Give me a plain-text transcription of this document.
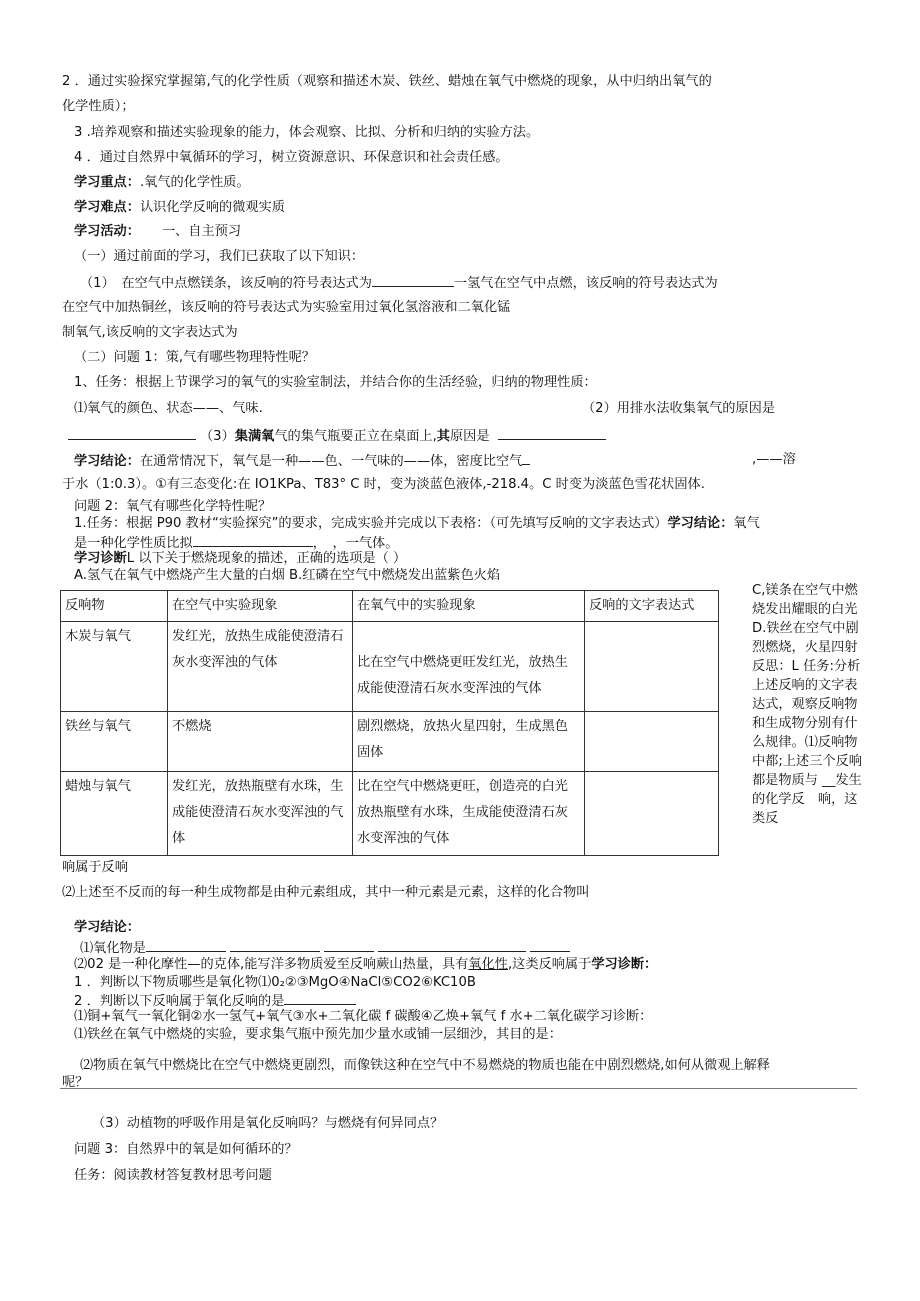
2 ．通过实验探究掌握第,气的化学性质（观察和描述木炭、铁丝、蜡烛在氧气中燃烧的现象，从中归纳出氧气的
化学性质）；
3 .培养观察和描述实验现象的能力，体会观察、比拟、分析和归纳的实验方法。
4 ．通过自然界中氧循环的学习，树立资源意识、环保意识和社会责任感。
学习重点：.氧气的化学性质。
学习难点：认识化学反响的微观实质
学习活动： 一、自主预习
（一）通过前面的学习，我们已获取了以下知识：
（1）　在空气中点燃镁条，该反响的符号表达式为	一氢气在空气中点燃，该反响的符号表达式为
在空气中加热铜丝，该反响的符号表达式为实验室用过氧化氢溶液和二氧化锰
制氧气,该反响的文字表达式为
（二）问题 1：策,气有哪些物理特性呢？
1、任务：根据上节课学习的氧气的实验室制法，并结合你的生活经验，归纳的物理性质：
⑴氧气的颜色、状态——、气味.	（2）用排水法收集氧气的原因是
（3）集满氧气的集气瓶要正立在桌面上,其原因是
学习结论：在通常情况下，氧气是一种——色、一气味的——体，密度比空气	,——溶
于水（1:0.3）。①有三态变化:在 IO1KPa、T83° C 时，变为淡蓝色液体,-218.4。C 时变为淡蓝色雪花状固体.
问题 2：氧气有哪些化学特性呢？
1.任务：根据 P90 教材“实验探究”的要求，完成实验并完成以下表格：（可先填写反响的文字表达式）学习结论：氧气
是一种化学性质比拟	，　，一气体。
学习诊断L 以下关于燃烧现象的描述，正确的选项是（ ）
A.氢气在氧气中燃烧产生大量的白烟 B.红磷在空气中燃烧发出蓝紫色火焰
反响物	在空气中实验现象	在氧气中的实验现象	反响的文字表达式
木炭与氧气	发红光，放热生成能使澄清石灰水变浑浊的气体	比在空气中燃烧更旺发红光，放热生成能使澄清石灰水变浑浊的气体	
铁丝与氧气	不燃烧	剧烈燃烧，放热火星四射，生成黑色固体	
蜡烛与氧气	发红光，放热瓶壁有水珠，生成能使澄清石灰水变浑浊的气体	比在空气中燃烧更旺，创造亮的白光放热瓶壁有水珠，生成能使澄清石灰水变浑浊的气体	
C,镁条在空气中燃烧发出耀眼的白光 D.铁丝在空气中剧烈燃烧，火星四射　反思：L 任务:分析上述反响的文字表达式，观察反响物和生成物分别有什么规律。⑴反响物中都;上述三个反响都是物质与 __发生的化学反　响，这类反
响属于反响
⑵上述至不反而的每一种生成物都是由种元素组成，其中一种元素是元素，这样的化合物叫
学习结论：
⑴氧化物是
⑵02 是一种化摩性—的克体,能写洋多物质爱至反响蕨山热量，具有氧化性,这类反响属于学习诊断：
1 ．判断以下物质哪些是氧化物⑴0₂②③MgO④NaCl⑤CO2⑥KC10B
2 ．判断以下反响属于氧化反响的是
⑴铜+氧气一氧化铜②水一氢气+氧气③水+二氧化碳 f 碳酸④乙焕+氧气 f 水+二氧化碳学习诊断：
⑴铁丝在氧气中燃烧的实验，要求集气瓶中预先加少量水或铺一层细沙，其目的是：
⑵物质在氧气中燃烧比在空气中燃烧更剧烈，而像铁这种在空气中不易燃烧的物质也能在中剧烈燃烧,如何从微观上解释
呢？
（3）动植物的呼吸作用是氧化反响吗？与燃烧有何异同点？
问题 3：自然界中的氧是如何循环的？
任务：阅读教材答复教材思考问题
